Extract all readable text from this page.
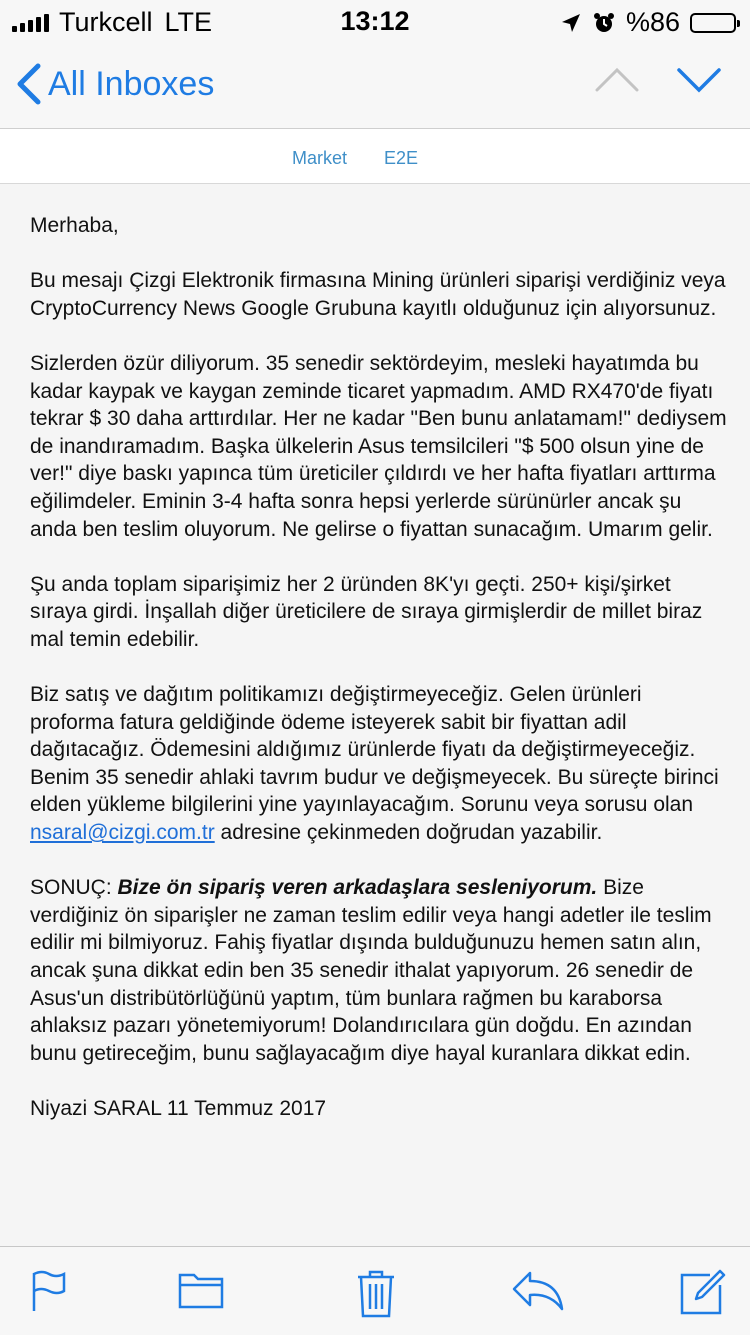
Turkcell LTE	13:12	%86
All Inboxes
Market E2E

Merhaba,

Bu mesajı Çizgi Elektronik firmasına Mining ürünleri siparişi verdiğiniz veya CryptoCurrency News Google Grubuna kayıtlı olduğunuz için alıyorsunuz.

Sizlerden özür diliyorum. 35 senedir sektördeyim, mesleki hayatımda bu kadar kaypak ve kaygan zeminde ticaret yapmadım. AMD RX470'de fiyatı tekrar $ 30 daha arttırdılar. Her ne kadar "Ben bunu anlatamam!" dediysem de inandıramadım. Başka ülkelerin Asus temsilcileri "$ 500 olsun yine de ver!" diye baskı yapınca tüm üreticiler çıldırdı ve her hafta fiyatları arttırma eğilimdeler. Eminin 3-4 hafta sonra hepsi yerlerde sürünürler ancak şu anda ben teslim oluyorum. Ne gelirse o fiyattan sunacağım. Umarım gelir.

Şu anda toplam siparişimiz her 2 üründen 8K'yı geçti. 250+ kişi/şirket sıraya girdi. İnşallah diğer üreticilere de sıraya girmişlerdir de millet biraz mal temin edebilir.

Biz satış ve dağıtım politikamızı değiştirmeyeceğiz. Gelen ürünleri proforma fatura geldiğinde ödeme isteyerek sabit bir fiyattan adil dağıtacağız. Ödemesini aldığımız ürünlerde fiyatı da değiştirmeyeceğiz. Benim 35 senedir ahlaki tavrım budur ve değişmeyecek. Bu süreçte birinci elden yükleme bilgilerini yine yayınlayacağım. Sorunu veya sorusu olan nsaral@cizgi.com.tr adresine çekinmeden doğrudan yazabilir.

SONUÇ: Bize ön sipariş veren arkadaşlara sesleniyorum. Bize verdiğiniz ön siparişler ne zaman teslim edilir veya hangi adetler ile teslim edilir mi bilmiyoruz. Fahiş fiyatlar dışında bulduğunuzu hemen satın alın, ancak şuna dikkat edin ben 35 senedir ithalat yapıyorum. 26 senedir de Asus'un distribütörlüğünü yaptım, tüm bunlara rağmen bu karaborsa ahlaksız pazarı yönetemiyorum! Dolandırıcılara gün doğdu. En azından bunu getireceğim, bunu sağlayacağım diye hayal kuranlara dikkat edin.

Niyazi SARAL 11 Temmuz 2017
